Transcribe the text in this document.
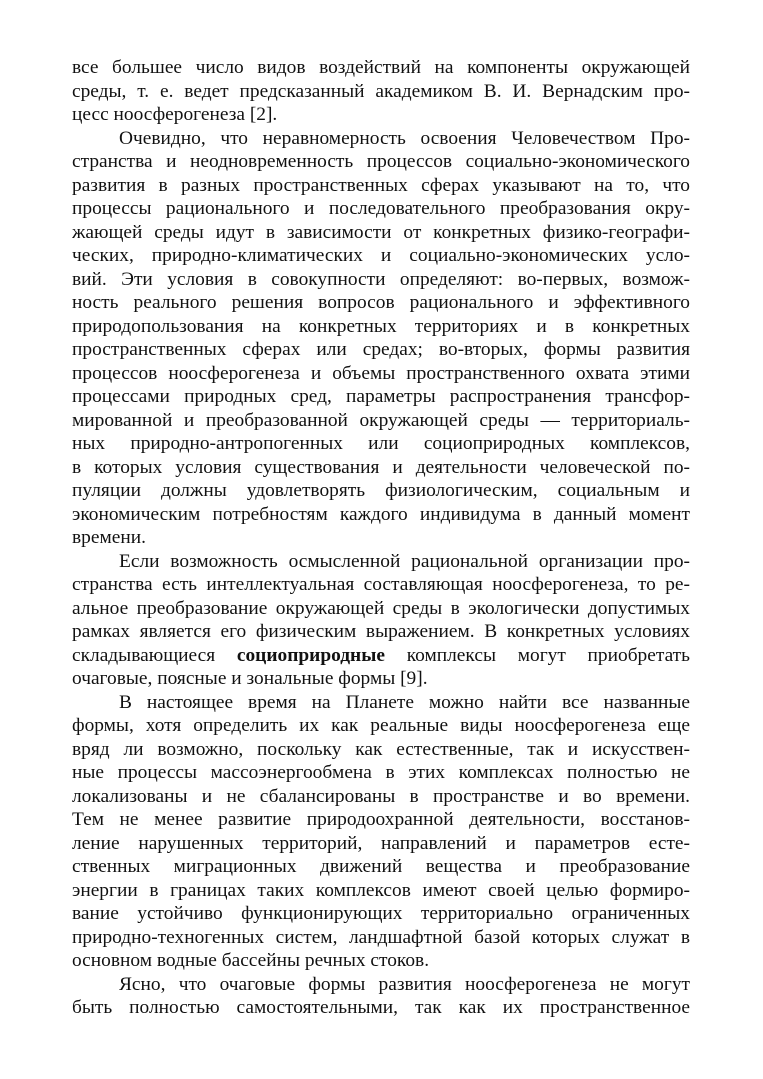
все большее число видов воздействий на компоненты окружающей
среды, т. е. ведет предсказанный академиком В. И. Вернадским про-
цесс ноосферогенеза [2].
Очевидно, что неравномерность освоения Человечеством Про-
странства и неодновременность процессов социально-экономического
развития в разных пространственных сферах указывают на то, что
процессы рационального и последовательного преобразования окру-
жающей среды идут в зависимости от конкретных физико-географи-
ческих, природно-климатических и социально-экономических усло-
вий. Эти условия в совокупности определяют: во-первых, возмож-
ность реального решения вопросов рационального и эффективного
природопользования на конкретных территориях и в конкретных
пространственных сферах или средах; во-вторых, формы развития
процессов ноосферогенеза и объемы пространственного охвата этими
процессами природных сред, параметры распространения трансфор-
мированной и преобразованной окружающей среды — территориаль-
ных природно-антропогенных или социоприродных комплексов,
в которых условия существования и деятельности человеческой по-
пуляции должны удовлетворять физиологическим, социальным и
экономическим потребностям каждого индивидума в данный момент
времени.
Если возможность осмысленной рациональной организации про-
странства есть интеллектуальная составляющая ноосферогенеза, то ре-
альное преобразование окружающей среды в экологически допустимых
рамках является его физическим выражением. В конкретных условиях
складывающиеся социоприродные комплексы могут приобретать
очаговые, поясные и зональные формы [9].
В настоящее время на Планете можно найти все названные
формы, хотя определить их как реальные виды ноосферогенеза еще
вряд ли возможно, поскольку как естественные, так и искусствен-
ные процессы массоэнергообмена в этих комплексах полностью не
локализованы и не сбалансированы в пространстве и во времени.
Тем не менее развитие природоохранной деятельности, восстанов-
ление нарушенных территорий, направлений и параметров есте-
ственных миграционных движений вещества и преобразование
энергии в границах таких комплексов имеют своей целью формиро-
вание устойчиво функционирующих территориально ограниченных
природно-техногенных систем, ландшафтной базой которых служат в
основном водные бассейны речных стоков.
Ясно, что очаговые формы развития ноосферогенеза не могут
быть полностью самостоятельными, так как их пространственное
